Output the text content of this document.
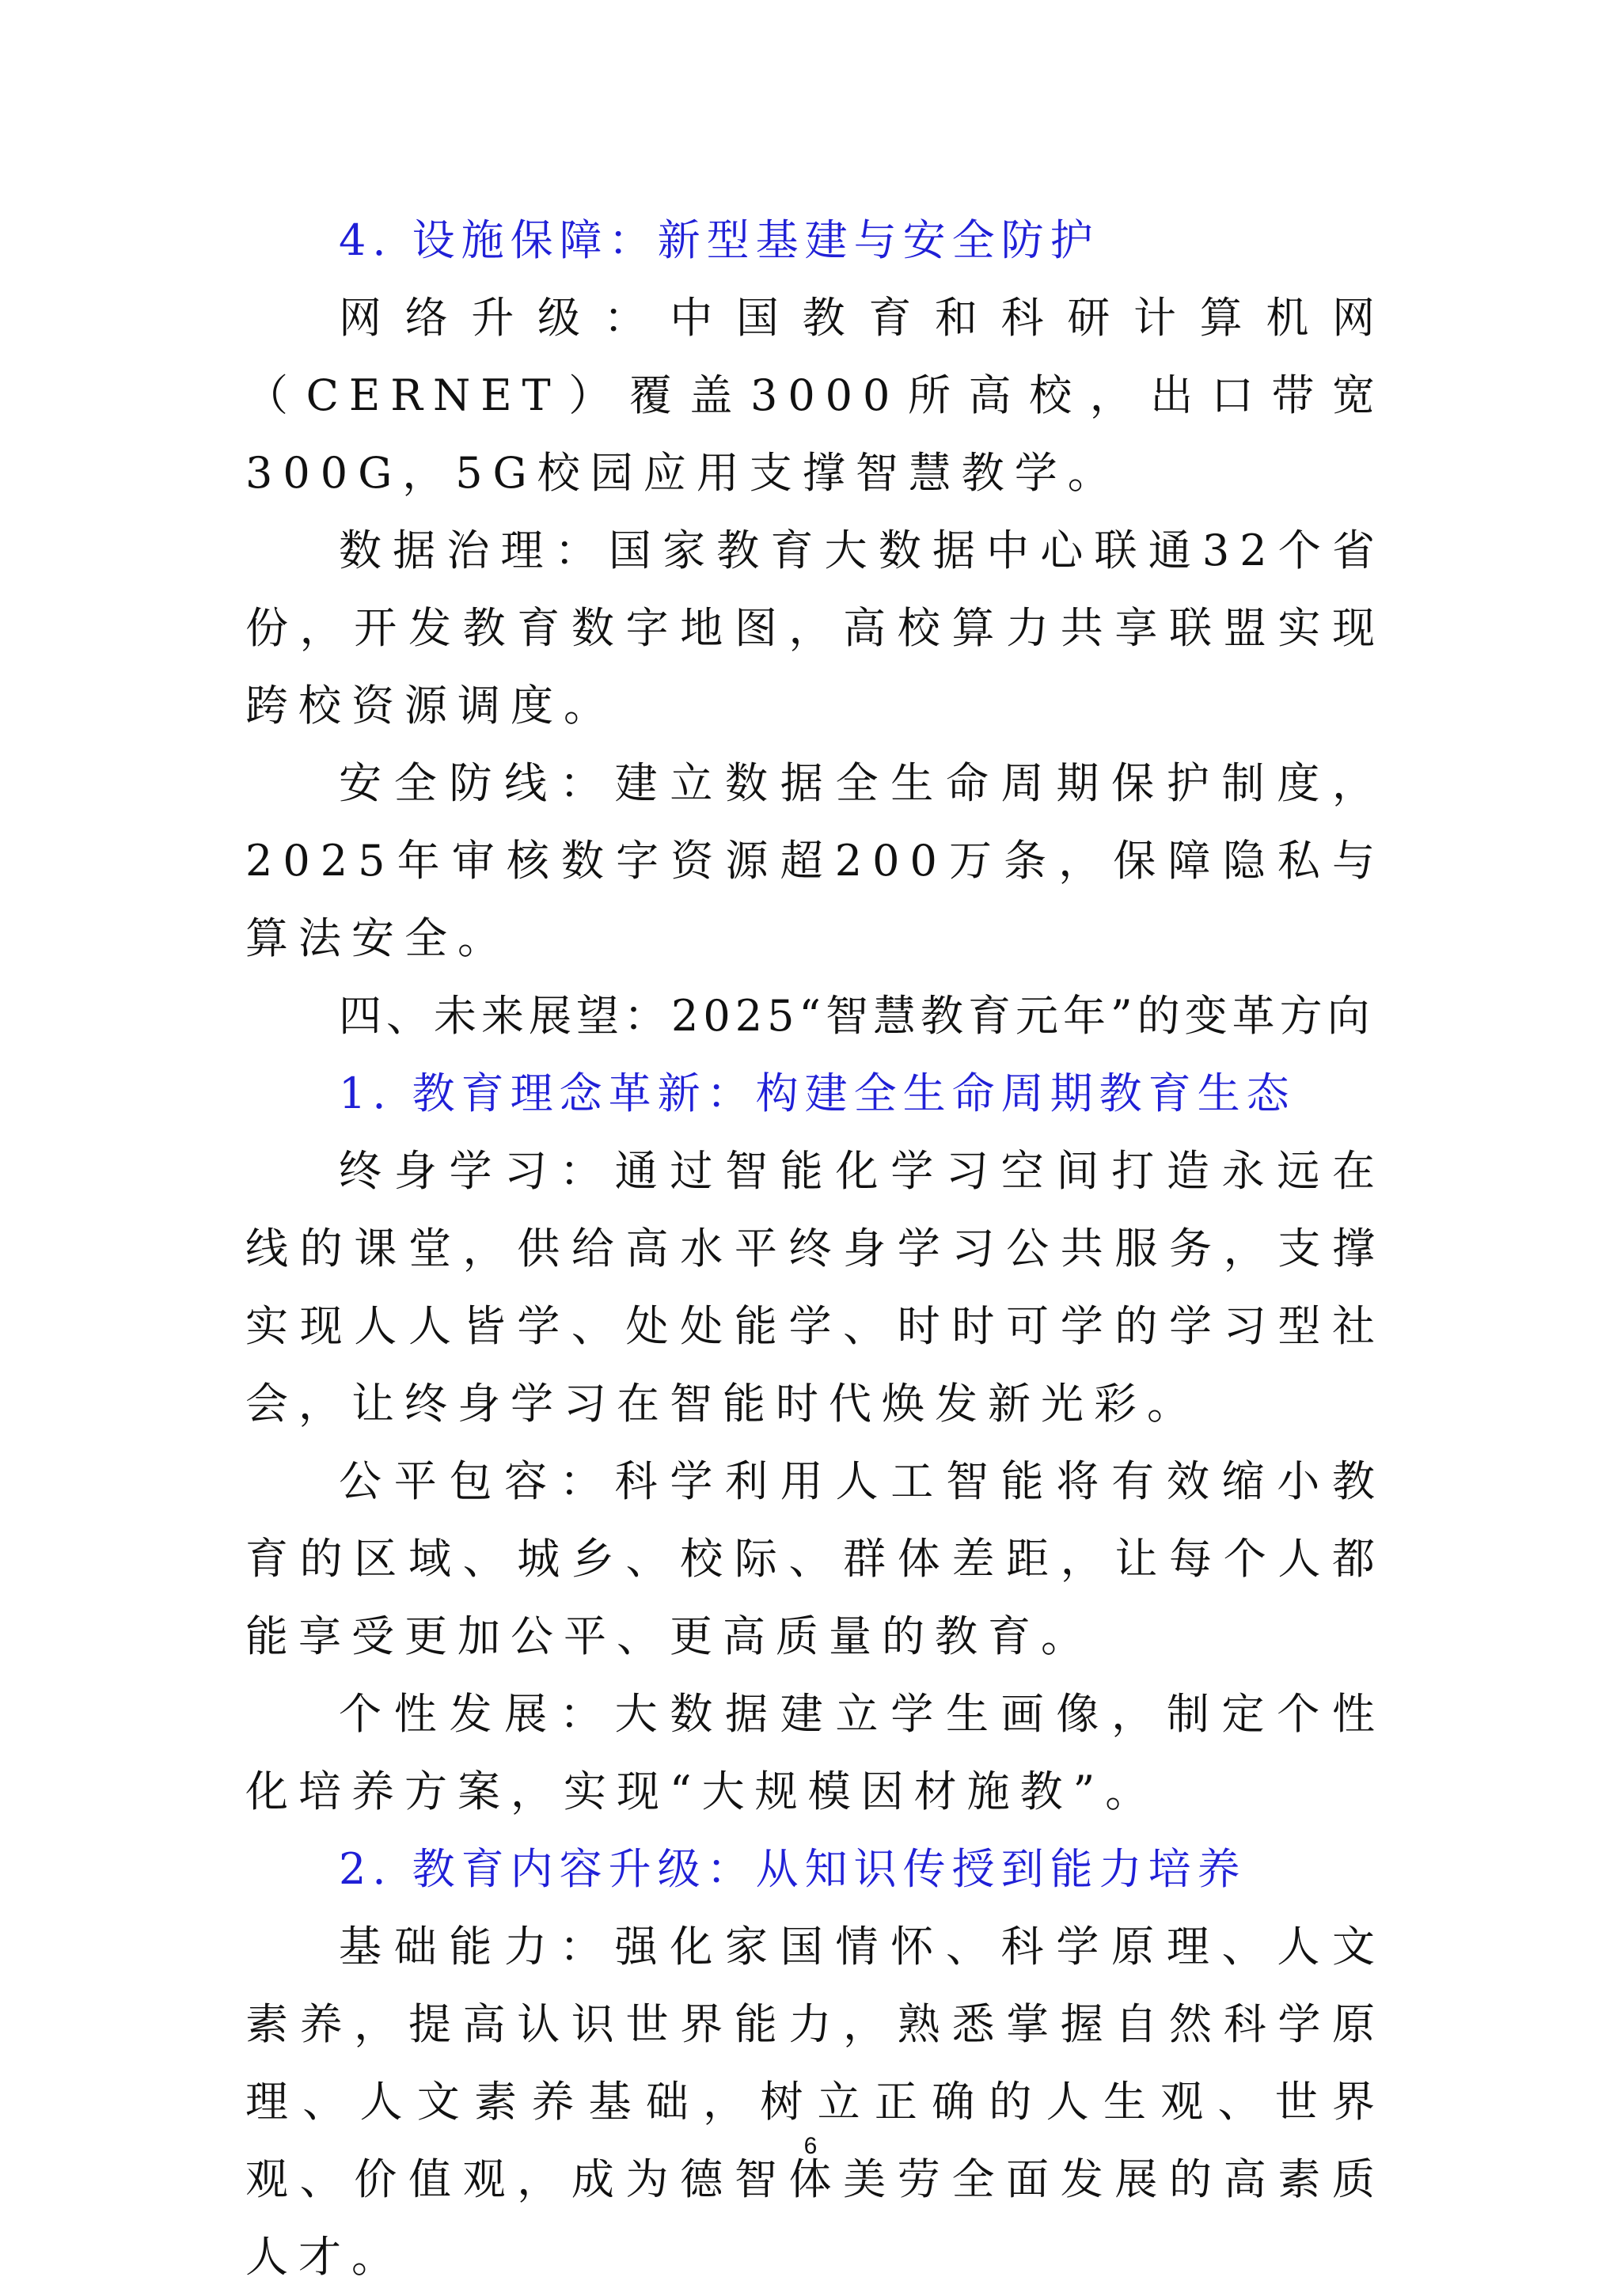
4. 设施保障：新型基建与安全防护

网络升级：中国教育和科研计算机网（CERNET）覆盖3000所高校，出口带宽300G，5G校园应用支撑智慧教学。

数据治理：国家教育大数据中心联通32个省份，开发教育数字地图，高校算力共享联盟实现跨校资源调度。

安全防线：建立数据全生命周期保护制度，2025年审核数字资源超200万条，保障隐私与算法安全。

四、未来展望：2025“智慧教育元年”的变革方向

1. 教育理念革新：构建全生命周期教育生态

终身学习：通过智能化学习空间打造永远在线的课堂，供给高水平终身学习公共服务，支撑实现人人皆学、处处能学、时时可学的学习型社会，让终身学习在智能时代焕发新光彩。

公平包容：科学利用人工智能将有效缩小教育的区域、城乡、校际、群体差距，让每个人都能享受更加公平、更高质量的教育。

个性发展：大数据建立学生画像，制定个性化培养方案，实现“大规模因材施教”。

2. 教育内容升级：从知识传授到能力培养

基础能力：强化家国情怀、科学原理、人文素养，提高认识世界能力，熟悉掌握自然科学原理、人文素养基础，树立正确的人生观、世界观、价值观，成为德智体美劳全面发展的高素质人才。

6
